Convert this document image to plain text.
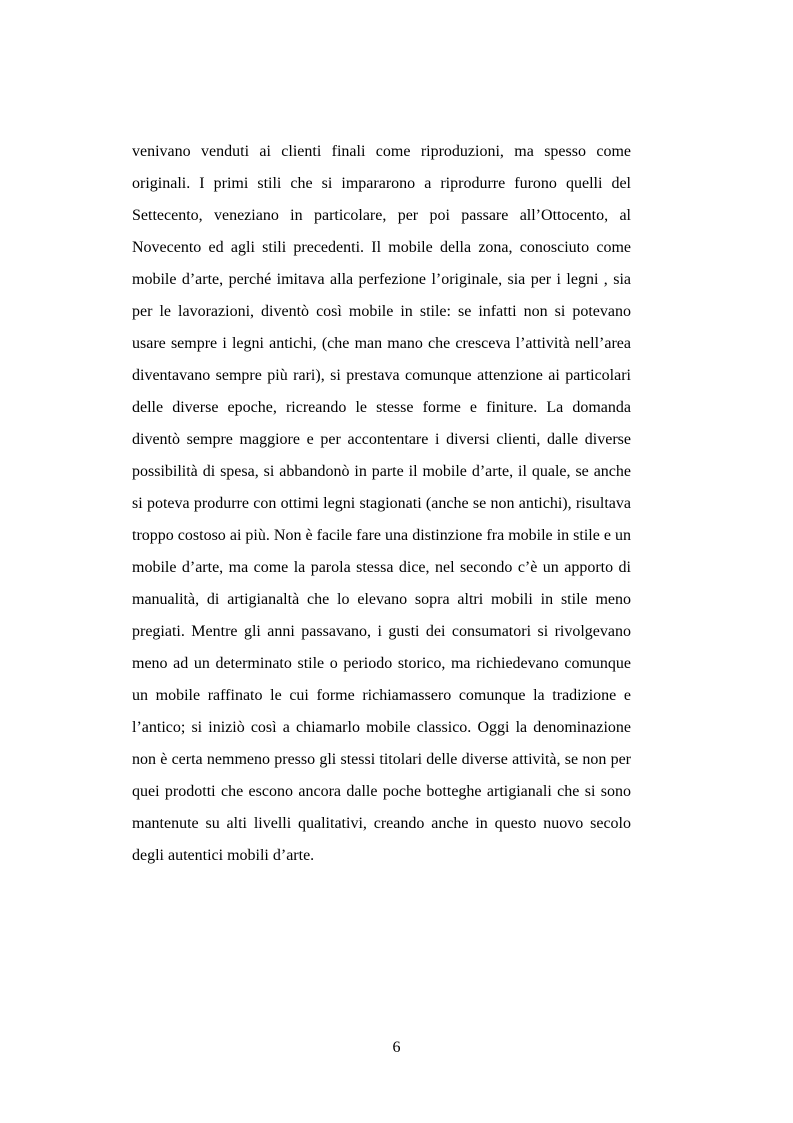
venivano venduti ai clienti finali come riproduzioni, ma spesso come
originali. I primi stili che si impararono a riprodurre furono quelli del
Settecento, veneziano in particolare, per poi passare all’Ottocento, al
Novecento ed agli stili precedenti. Il mobile della zona, conosciuto come
mobile d’arte, perché imitava alla perfezione l’originale, sia per i legni , sia
per le lavorazioni, diventò così mobile in stile: se infatti non si potevano
usare sempre i legni antichi, (che man mano che cresceva l’attività nell’area
diventavano sempre più rari), si prestava comunque attenzione ai particolari
delle diverse epoche, ricreando le stesse forme e finiture. La domanda
diventò sempre maggiore e per accontentare i diversi clienti, dalle diverse
possibilità di spesa, si abbandonò in parte il mobile d’arte, il quale, se anche
si poteva produrre con ottimi legni stagionati (anche se non antichi), risultava
troppo costoso ai più. Non è facile fare una distinzione fra mobile in stile e un
mobile d’arte, ma come la parola stessa dice, nel secondo c’è un apporto di
manualità, di artigianaltà che lo elevano sopra altri mobili in stile meno
pregiati. Mentre gli anni passavano, i gusti dei consumatori si rivolgevano
meno ad un determinato stile o periodo storico, ma richiedevano comunque
un mobile raffinato le cui forme richiamassero comunque la tradizione e
l’antico; si iniziò così a chiamarlo mobile classico. Oggi la denominazione
non è certa nemmeno presso gli stessi titolari delle diverse attività, se non per
quei prodotti che escono ancora dalle poche botteghe artigianali che si sono
mantenute su alti livelli qualitativi, creando anche in questo nuovo secolo
degli autentici mobili d’arte.
6
